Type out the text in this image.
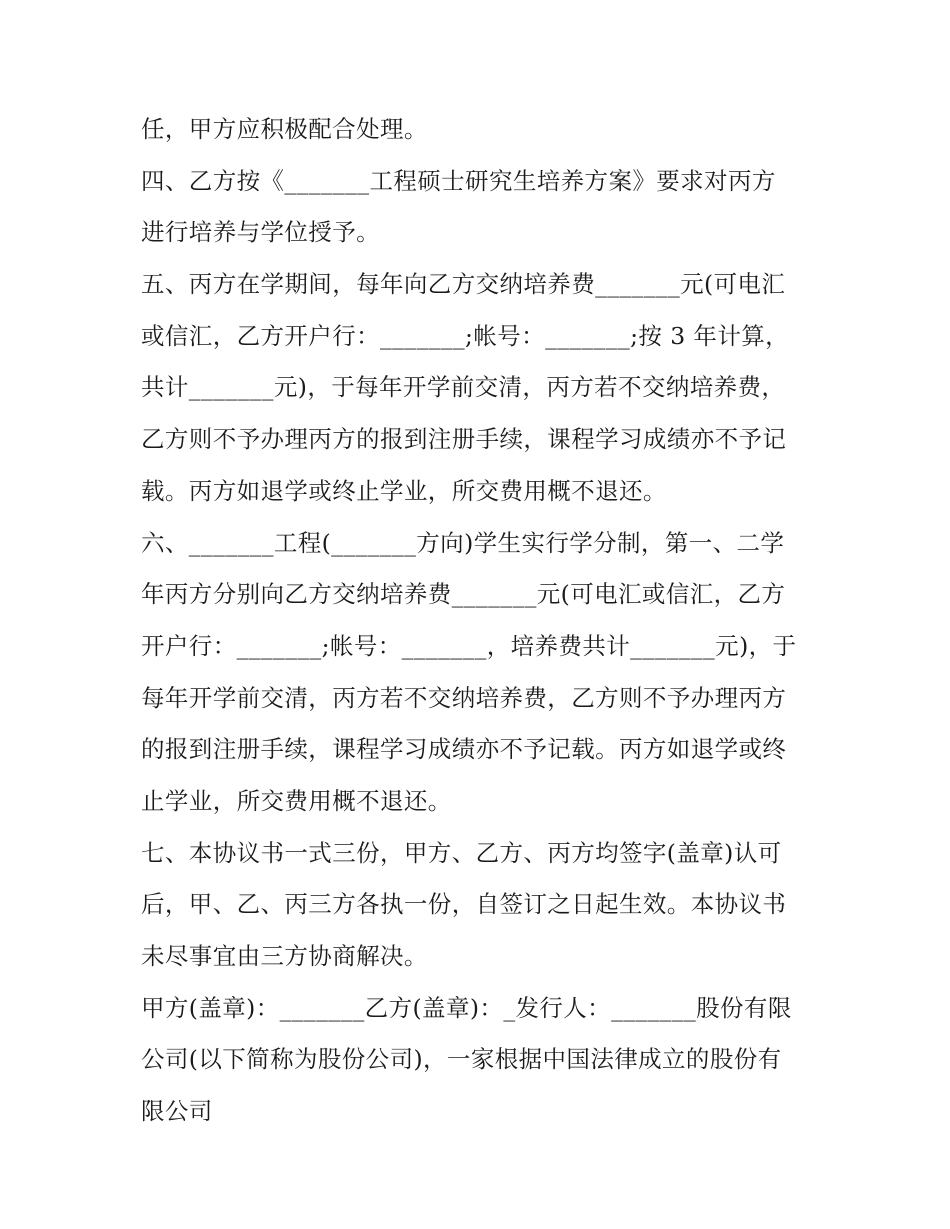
任，甲方应积极配合处理。
四、乙方按《_______工程硕士研究生培养方案》要求对丙方
进行培养与学位授予。
五、丙方在学期间，每年向乙方交纳培养费_______元(可电汇
或信汇，乙方开户行：_______;帐号：_______;按 3 年计算，
共计_______元)，于每年开学前交清，丙方若不交纳培养费，
乙方则不予办理丙方的报到注册手续，课程学习成绩亦不予记
载。丙方如退学或终止学业，所交费用概不退还。
六、_______工程(_______方向)学生实行学分制，第一、二学
年丙方分别向乙方交纳培养费_______元(可电汇或信汇，乙方
开户行：_______;帐号：_______，培养费共计_______元)，于
每年开学前交清，丙方若不交纳培养费，乙方则不予办理丙方
的报到注册手续，课程学习成绩亦不予记载。丙方如退学或终
止学业，所交费用概不退还。
七、本协议书一式三份，甲方、乙方、丙方均签字(盖章)认可
后，甲、乙、丙三方各执一份，自签订之日起生效。本协议书
未尽事宜由三方协商解决。
甲方(盖章)：_______乙方(盖章)：_发行人：_______股份有限
公司(以下简称为股份公司)，一家根据中国法律成立的股份有
限公司
